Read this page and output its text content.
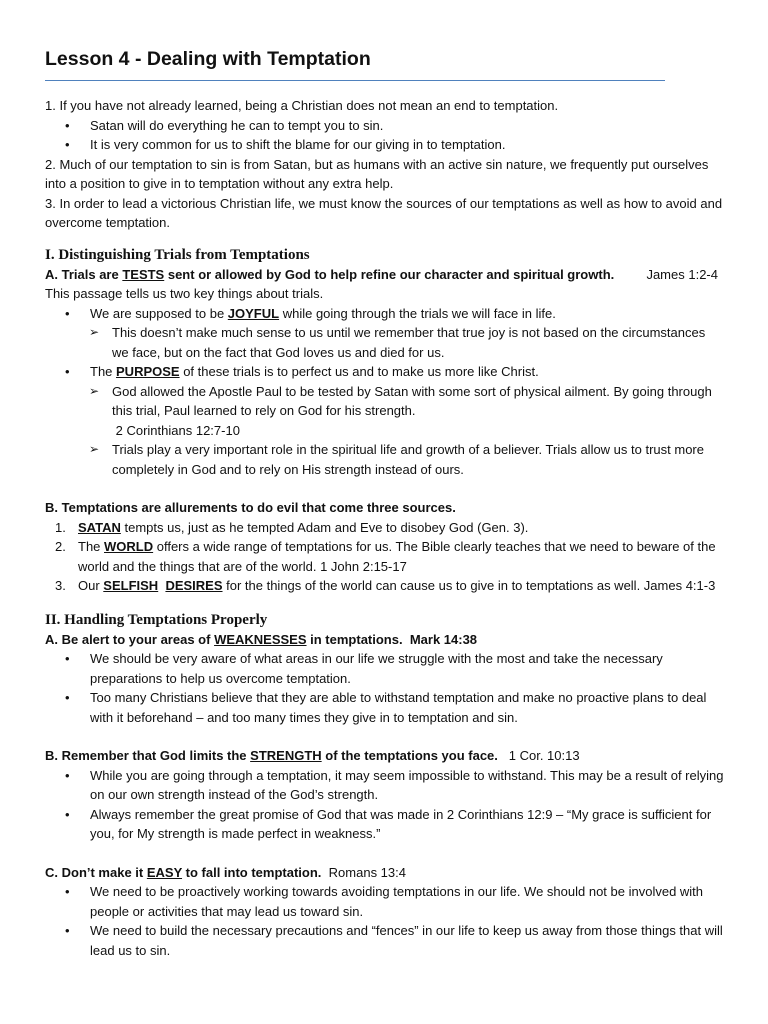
Lesson 4 - Dealing with Temptation

1. If you have not already learned, being a Christian does not mean an end to temptation.

• Satan will do everything he can to tempt you to sin.
• It is very common for us to shift the blame for our giving in to temptation.

2. Much of our temptation to sin is from Satan, but as humans with an active sin nature, we frequently put ourselves into a position to give in to temptation without any extra help.

3. In order to lead a victorious Christian life, we must know the sources of our temptations as well as how to avoid and overcome temptation.

I. Distinguishing Trials from Temptations
A. Trials are TESTS sent or allowed by God to help refine our character and spiritual growth. James 1:2-4

This passage tells us two key things about trials.

• We are supposed to be JOYFUL while going through the trials we will face in life.
➢ This doesn’t make much sense to us until we remember that true joy is not based on the circumstances we face, but on the fact that God loves us and died for us.
• The PURPOSE of these trials is to perfect us and to make us more like Christ.
➢ God allowed the Apostle Paul to be tested by Satan with some sort of physical ailment. By going through this trial, Paul learned to rely on God for his strength.
2 Corinthians 12:7-10
➢ Trials play a very important role in the spiritual life and growth of a believer. Trials allow us to trust more completely in God and to rely on His strength instead of ours.

B. Temptations are allurements to do evil that come three sources.

1. SATAN tempts us, just as he tempted Adam and Eve to disobey God (Gen. 3).
2. The WORLD offers a wide range of temptations for us. The Bible clearly teaches that we need to beware of the world and the things that are of the world. 1 John 2:15-17
3. Our SELFISH DESIRES for the things of the world can cause us to give in to temptations as well. James 4:1-3
II. Handling Temptations Properly

A. Be alert to your areas of WEAKNESSES in temptations. Mark 14:38

• We should be very aware of what areas in our life we struggle with the most and take the necessary preparations to help us overcome temptation.
• Too many Christians believe that they are able to withstand temptation and make no proactive plans to deal with it beforehand – and too many times they give in to temptation and sin.

B. Remember that God limits the STRENGTH of the temptations you face. 1 Cor. 10:13

• While you are going through a temptation, it may seem impossible to withstand. This may be a result of relying on our own strength instead of the God’s strength.
• Always remember the great promise of God that was made in 2 Corinthians 12:9 – “My grace is sufficient for you, for My strength is made perfect in weakness.”

C. Don’t make it EASY to fall into temptation. Romans 13:4

• We need to be proactively working towards avoiding temptations in our life. We should not be involved with people or activities that may lead us toward sin.
• We need to build the necessary precautions and “fences” in our life to keep us away from those things that will lead us to sin.
